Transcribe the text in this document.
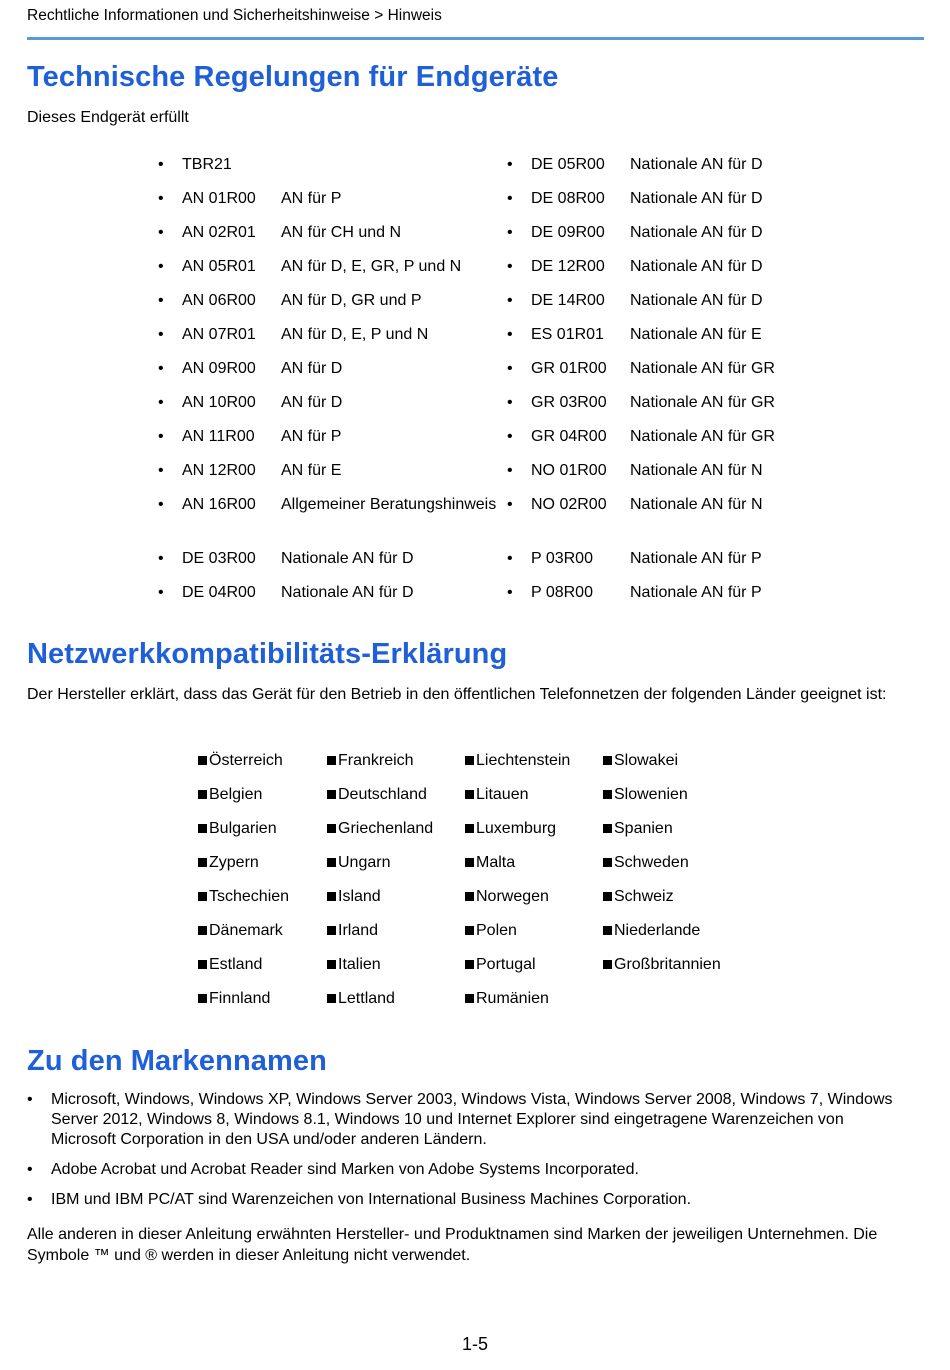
Rechtliche Informationen und Sicherheitshinweise > Hinweis
Technische Regelungen für Endgeräte

Dieses Endgerät erfüllt

•	TBR21		•	DE 05R00	Nationale AN für D

•	AN 01R00	AN für P	•	DE 08R00	Nationale AN für D

•	AN 02R01	AN für CH und N	•	DE 09R00	Nationale AN für D

•	AN 05R01	AN für D, E, GR, P und N	•	DE 12R00	Nationale AN für D

•	AN 06R00	AN für D, GR und P	•	DE 14R00	Nationale AN für D

•	AN 07R01	AN für D, E, P und N	•	ES 01R01	Nationale AN für E

•	AN 09R00	AN für D	•	GR 01R00	Nationale AN für GR

•	AN 10R00	AN für D	•	GR 03R00	Nationale AN für GR

•	AN 11R00	AN für P	•	GR 04R00	Nationale AN für GR

•	AN 12R00	AN für E	•	NO 01R00	Nationale AN für N

•	AN 16R00	Allgemeiner Beratungshinweis	•	NO 02R00	Nationale AN für N

•	DE 03R00	Nationale AN für D	•	P 03R00	Nationale AN für P

•	DE 04R00	Nationale AN für D	•	P 08R00	Nationale AN für P
Netzwerkkompatibilitäts-Erklärung

Der Hersteller erklärt, dass das Gerät für den Betrieb in den öffentlichen Telefonnetzen der folgenden Länder geeignet ist:

Österreich	Frankreich	Liechtenstein	Slowakei
Belgien	Deutschland	Litauen	Slowenien
Bulgarien	Griechenland	Luxemburg	Spanien
Zypern	Ungarn	Malta	Schweden
Tschechien	Island	Norwegen	Schweiz
Dänemark	Irland	Polen	Niederlande
Estland	Italien	Portugal	Großbritannien
Finnland	Lettland	Rumänien	
Zu den Markennamen
• Microsoft, Windows, Windows XP, Windows Server 2003, Windows Vista, Windows Server 2008, Windows 7, Windows Server 2012, Windows 8, Windows 8.1, Windows 10 und Internet Explorer sind eingetragene Warenzeichen von Microsoft Corporation in den USA und/oder anderen Ländern.
• Adobe Acrobat und Acrobat Reader sind Marken von Adobe Systems Incorporated.
• IBM und IBM PC/AT sind Warenzeichen von International Business Machines Corporation.

Alle anderen in dieser Anleitung erwähnten Hersteller- und Produktnamen sind Marken der jeweiligen Unternehmen. Die Symbole ™ und ® werden in dieser Anleitung nicht verwendet.

1-5
